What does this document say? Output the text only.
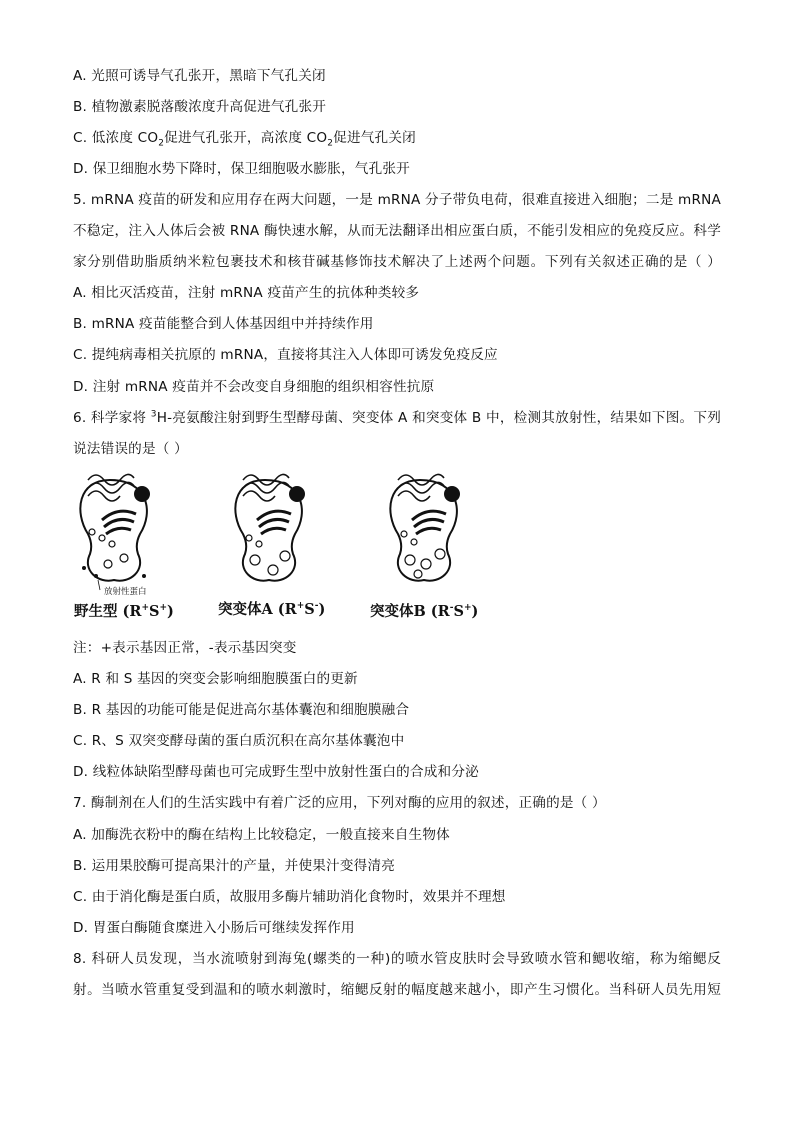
A. 光照可诱导气孔张开，黑暗下气孔关闭
B. 植物激素脱落酸浓度升高促进气孔张开
C. 低浓度 $CO_2$促进气孔张开，高浓度 $CO_2$促进气孔关闭
D. 保卫细胞水势下降时，保卫细胞吸水膨胀，气孔张开
5. mRNA 疫苗的研发和应用存在两大问题，一是 mRNA 分子带负电荷，很难直接进入细胞；二是 mRNA
不稳定，注入人体后会被 RNA 酶快速水解，从而无法翻译出相应蛋白质，不能引发相应的免疫反应。科学
家分别借助脂质纳米粒包裹技术和核苷碱基修饰技术解决了上述两个问题。下列有关叙述正确的是（ ）
A. 相比灭活疫苗，注射 mRNA 疫苗产生的抗体种类较多
B. mRNA 疫苗能整合到人体基因组中并持续作用
C. 提纯病毒相关抗原的 mRNA，直接将其注入人体即可诱发免疫反应
D. 注射 mRNA 疫苗并不会改变自身细胞的组织相容性抗原
6. 科学家将 $^3$H-亮氨酸注射到野生型酵母菌、突变体 A 和突变体 B 中，检测其放射性，结果如下图。下列
说法错误的是（ ）
放射性蛋白
野生型 (R+S+)	突变体A (R+S-)	突变体B (R-S+)
注：+表示基因正常，-表示基因突变
A. R 和 S 基因的突变会影响细胞膜蛋白的更新
B. R 基因的功能可能是促进高尔基体囊泡和细胞膜融合
C. R、S 双突变酵母菌的蛋白质沉积在高尔基体囊泡中
D. 线粒体缺陷型酵母菌也可完成野生型中放射性蛋白的合成和分泌
7. 酶制剂在人们的生活实践中有着广泛的应用，下列对酶的应用的叙述，正确的是（ ）
A. 加酶洗衣粉中的酶在结构上比较稳定，一般直接来自生物体
B. 运用果胶酶可提高果汁的产量，并使果汁变得清亮
C. 由于消化酶是蛋白质，故服用多酶片辅助消化食物时，效果并不理想
D. 胃蛋白酶随食糜进入小肠后可继续发挥作用
8. 科研人员发现，当水流喷射到海兔(螺类的一种)的喷水管皮肤时会导致喷水管和鳃收缩，称为缩鳃反
射。当喷水管重复受到温和的喷水刺激时，缩鳃反射的幅度越来越小，即产生习惯化。当科研人员先用短
